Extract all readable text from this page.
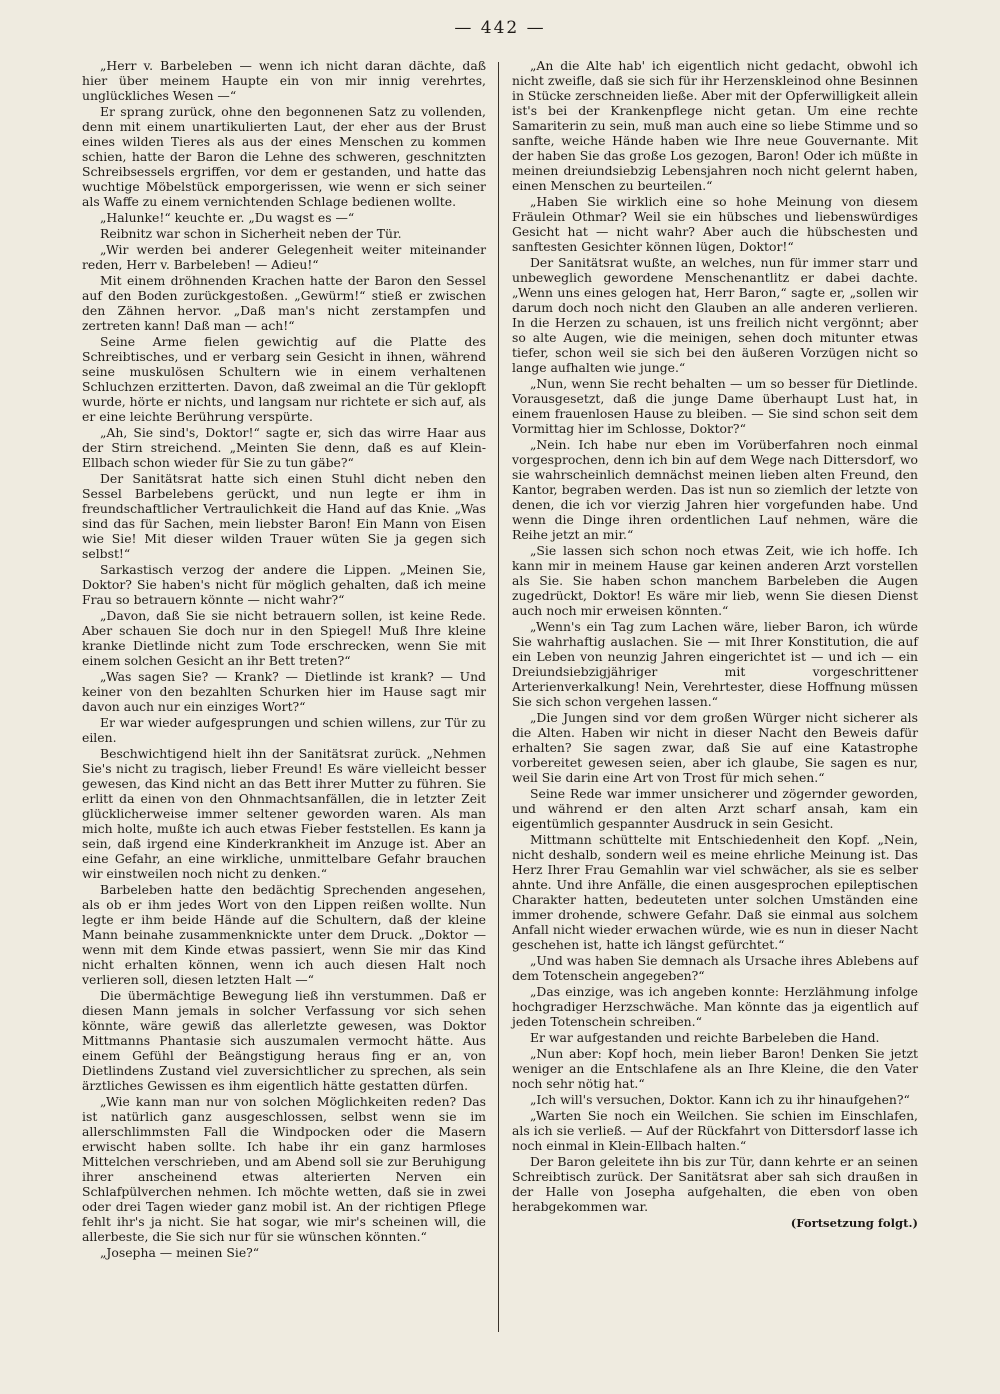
— 442 —

„Herr v. Barbeleben — wenn ich nicht daran dächte, daß hier über meinem Haupte ein von mir innig verehrtes, unglückliches Wesen —“

Er sprang zurück, ohne den begonnenen Satz zu vollenden, denn mit einem unartikulierten Laut, der eher aus der Brust eines wilden Tieres als aus der eines Menschen zu kommen schien, hatte der Baron die Lehne des schweren, geschnitzten Schreibsessels ergriffen, vor dem er gestanden, und hatte das wuchtige Möbelstück emporgerissen, wie wenn er sich seiner als Waffe zu einem vernichtenden Schlage bedienen wollte.

„Halunke!“ keuchte er. „Du wagst es —“

Reibnitz war schon in Sicherheit neben der Tür.

„Wir werden bei anderer Gelegenheit weiter miteinander reden, Herr v. Barbeleben! — Adieu!“

Mit einem dröhnenden Krachen hatte der Baron den Sessel auf den Boden zurückgestoßen. „Gewürm!“ stieß er zwischen den Zähnen hervor. „Daß man's nicht zerstampfen und zertreten kann! Daß man — ach!“

Seine Arme fielen gewichtig auf die Platte des Schreibtisches, und er verbarg sein Gesicht in ihnen, während seine muskulösen Schultern wie in einem verhaltenen Schluchzen erzitterten. Davon, daß zweimal an die Tür geklopft wurde, hörte er nichts, und langsam nur richtete er sich auf, als er eine leichte Berührung verspürte.

„Ah, Sie sind's, Doktor!“ sagte er, sich das wirre Haar aus der Stirn streichend. „Meinten Sie denn, daß es auf Klein-Ellbach schon wieder für Sie zu tun gäbe?“

Der Sanitätsrat hatte sich einen Stuhl dicht neben den Sessel Barbelebens gerückt, und nun legte er ihm in freundschaftlicher Vertraulichkeit die Hand auf das Knie. „Was sind das für Sachen, mein liebster Baron! Ein Mann von Eisen wie Sie! Mit dieser wilden Trauer wüten Sie ja gegen sich selbst!“

Sarkastisch verzog der andere die Lippen. „Meinen Sie, Doktor? Sie haben's nicht für möglich gehalten, daß ich meine Frau so betrauern könnte — nicht wahr?“

„Davon, daß Sie sie nicht betrauern sollen, ist keine Rede. Aber schauen Sie doch nur in den Spiegel! Muß Ihre kleine kranke Dietlinde nicht zum Tode erschrecken, wenn Sie mit einem solchen Gesicht an ihr Bett treten?“

„Was sagen Sie? — Krank? — Dietlinde ist krank? — Und keiner von den bezahlten Schurken hier im Hause sagt mir davon auch nur ein einziges Wort?“

Er war wieder aufgesprungen und schien willens, zur Tür zu eilen.

Beschwichtigend hielt ihn der Sanitätsrat zurück. „Nehmen Sie's nicht zu tragisch, lieber Freund! Es wäre vielleicht besser gewesen, das Kind nicht an das Bett ihrer Mutter zu führen. Sie erlitt da einen von den Ohnmachtsanfällen, die in letzter Zeit glücklicherweise immer seltener geworden waren. Als man mich holte, mußte ich auch etwas Fieber feststellen. Es kann ja sein, daß irgend eine Kinderkrankheit im Anzuge ist. Aber an eine Gefahr, an eine wirkliche, unmittelbare Gefahr brauchen wir einstweilen noch nicht zu denken.“

Barbeleben hatte den bedächtig Sprechenden angesehen, als ob er ihm jedes Wort von den Lippen reißen wollte. Nun legte er ihm beide Hände auf die Schultern, daß der kleine Mann beinahe zusammenknickte unter dem Druck. „Doktor — wenn mit dem Kinde etwas passiert, wenn Sie mir das Kind nicht erhalten können, wenn ich auch diesen Halt noch verlieren soll, diesen letzten Halt —“

Die übermächtige Bewegung ließ ihn verstummen. Daß er diesen Mann jemals in solcher Verfassung vor sich sehen könnte, wäre gewiß das allerletzte gewesen, was Doktor Mittmanns Phantasie sich auszumalen vermocht hätte. Aus einem Gefühl der Beängstigung heraus fing er an, von Dietlindens Zustand viel zuversichtlicher zu sprechen, als sein ärztliches Gewissen es ihm eigentlich hätte gestatten dürfen.

„Wie kann man nur von solchen Möglichkeiten reden? Das ist natürlich ganz ausgeschlossen, selbst wenn sie im allerschlimmsten Fall die Windpocken oder die Masern erwischt haben sollte. Ich habe ihr ein ganz harmloses Mittelchen verschrieben, und am Abend soll sie zur Beruhigung ihrer anscheinend etwas alterierten Nerven ein Schlafpülverchen nehmen. Ich möchte wetten, daß sie in zwei oder drei Tagen wieder ganz mobil ist. An der richtigen Pflege fehlt ihr's ja nicht. Sie hat sogar, wie mir's scheinen will, die allerbeste, die Sie sich nur für sie wünschen könnten.“

„Josepha — meinen Sie?“

„An die Alte hab' ich eigentlich nicht gedacht, obwohl ich nicht zweifle, daß sie sich für ihr Herzenskleinod ohne Besinnen in Stücke zerschneiden ließe. Aber mit der Opferwilligkeit allein ist's bei der Krankenpflege nicht getan. Um eine rechte Samariterin zu sein, muß man auch eine so liebe Stimme und so sanfte, weiche Hände haben wie Ihre neue Gouvernante. Mit der haben Sie das große Los gezogen, Baron! Oder ich müßte in meinen dreiundsiebzig Lebensjahren noch nicht gelernt haben, einen Menschen zu beurteilen.“

„Haben Sie wirklich eine so hohe Meinung von diesem Fräulein Othmar? Weil sie ein hübsches und liebenswürdiges Gesicht hat — nicht wahr? Aber auch die hübschesten und sanftesten Gesichter können lügen, Doktor!“

Der Sanitätsrat wußte, an welches, nun für immer starr und unbeweglich gewordene Menschenantlitz er dabei dachte. „Wenn uns eines gelogen hat, Herr Baron,“ sagte er, „sollen wir darum doch noch nicht den Glauben an alle anderen verlieren. In die Herzen zu schauen, ist uns freilich nicht vergönnt; aber so alte Augen, wie die meinigen, sehen doch mitunter etwas tiefer, schon weil sie sich bei den äußeren Vorzügen nicht so lange aufhalten wie junge.“

„Nun, wenn Sie recht behalten — um so besser für Dietlinde. Vorausgesetzt, daß die junge Dame überhaupt Lust hat, in einem frauenlosen Hause zu bleiben. — Sie sind schon seit dem Vormittag hier im Schlosse, Doktor?“

„Nein. Ich habe nur eben im Vorüberfahren noch einmal vorgesprochen, denn ich bin auf dem Wege nach Dittersdorf, wo sie wahrscheinlich demnächst meinen lieben alten Freund, den Kantor, begraben werden. Das ist nun so ziemlich der letzte von denen, die ich vor vierzig Jahren hier vorgefunden habe. Und wenn die Dinge ihren ordentlichen Lauf nehmen, wäre die Reihe jetzt an mir.“

„Sie lassen sich schon noch etwas Zeit, wie ich hoffe. Ich kann mir in meinem Hause gar keinen anderen Arzt vorstellen als Sie. Sie haben schon manchem Barbeleben die Augen zugedrückt, Doktor! Es wäre mir lieb, wenn Sie diesen Dienst auch noch mir erweisen könnten.“

„Wenn's ein Tag zum Lachen wäre, lieber Baron, ich würde Sie wahrhaftig auslachen. Sie — mit Ihrer Konstitution, die auf ein Leben von neunzig Jahren eingerichtet ist — und ich — ein Dreiundsiebzigjähriger mit vorgeschrittener Arterienverkalkung! Nein, Verehrtester, diese Hoffnung müssen Sie sich schon vergehen lassen.“

„Die Jungen sind vor dem großen Würger nicht sicherer als die Alten. Haben wir nicht in dieser Nacht den Beweis dafür erhalten? Sie sagen zwar, daß Sie auf eine Katastrophe vorbereitet gewesen seien, aber ich glaube, Sie sagen es nur, weil Sie darin eine Art von Trost für mich sehen.“

Seine Rede war immer unsicherer und zögernder geworden, und während er den alten Arzt scharf ansah, kam ein eigentümlich gespannter Ausdruck in sein Gesicht.

Mittmann schüttelte mit Entschiedenheit den Kopf. „Nein, nicht deshalb, sondern weil es meine ehrliche Meinung ist. Das Herz Ihrer Frau Gemahlin war viel schwächer, als sie es selber ahnte. Und ihre Anfälle, die einen ausgesprochen epileptischen Charakter hatten, bedeuteten unter solchen Umständen eine immer drohende, schwere Gefahr. Daß sie einmal aus solchem Anfall nicht wieder erwachen würde, wie es nun in dieser Nacht geschehen ist, hatte ich längst gefürchtet.“

„Und was haben Sie demnach als Ursache ihres Ablebens auf dem Totenschein angegeben?“

„Das einzige, was ich angeben konnte: Herzlähmung infolge hochgradiger Herzschwäche. Man könnte das ja eigentlich auf jeden Totenschein schreiben.“

Er war aufgestanden und reichte Barbeleben die Hand.

„Nun aber: Kopf hoch, mein lieber Baron! Denken Sie jetzt weniger an die Entschlafene als an Ihre Kleine, die den Vater noch sehr nötig hat.“

„Ich will's versuchen, Doktor. Kann ich zu ihr hinaufgehen?“

„Warten Sie noch ein Weilchen. Sie schien im Einschlafen, als ich sie verließ. — Auf der Rückfahrt von Dittersdorf lasse ich noch einmal in Klein-Ellbach halten.“

Der Baron geleitete ihn bis zur Tür, dann kehrte er an seinen Schreibtisch zurück. Der Sanitätsrat aber sah sich draußen in der Halle von Josepha aufgehalten, die eben von oben herabgekommen war.

(Fortsetzung folgt.)
